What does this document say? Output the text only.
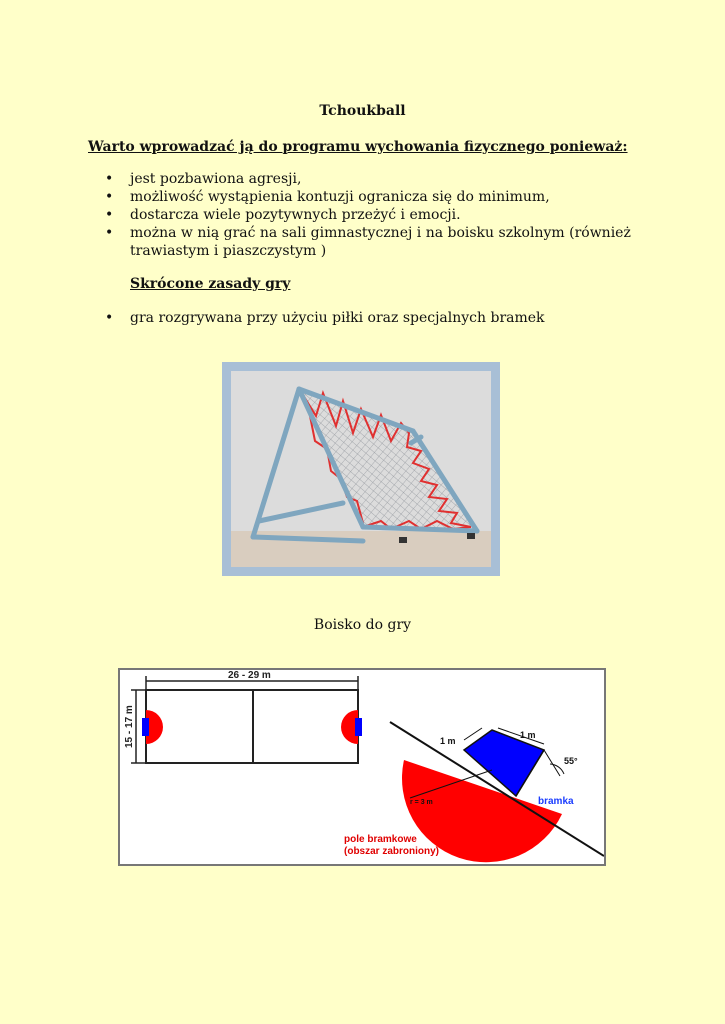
Tchoukball
Warto wprowadzać ją do programu wychowania fizycznego ponieważ:
• jest pozbawiona agresji,
• możliwość wystąpienia kontuzji ogranicza się do minimum,
• dostarcza wiele pozytywnych przeżyć i emocji.
• można w nią grać na sali gimnastycznej i na boisku szkolnym (również trawiastym i piaszczystym )
Skrócone zasady gry
• gra rozgrywana przy użyciu piłki oraz specjalnych bramek
Boisko do gry
26 - 29 m
15 - 17 m	1 m
1 m
55°
r = 3 m	bramka
pole bramkowe
(obszar zabroniony)
